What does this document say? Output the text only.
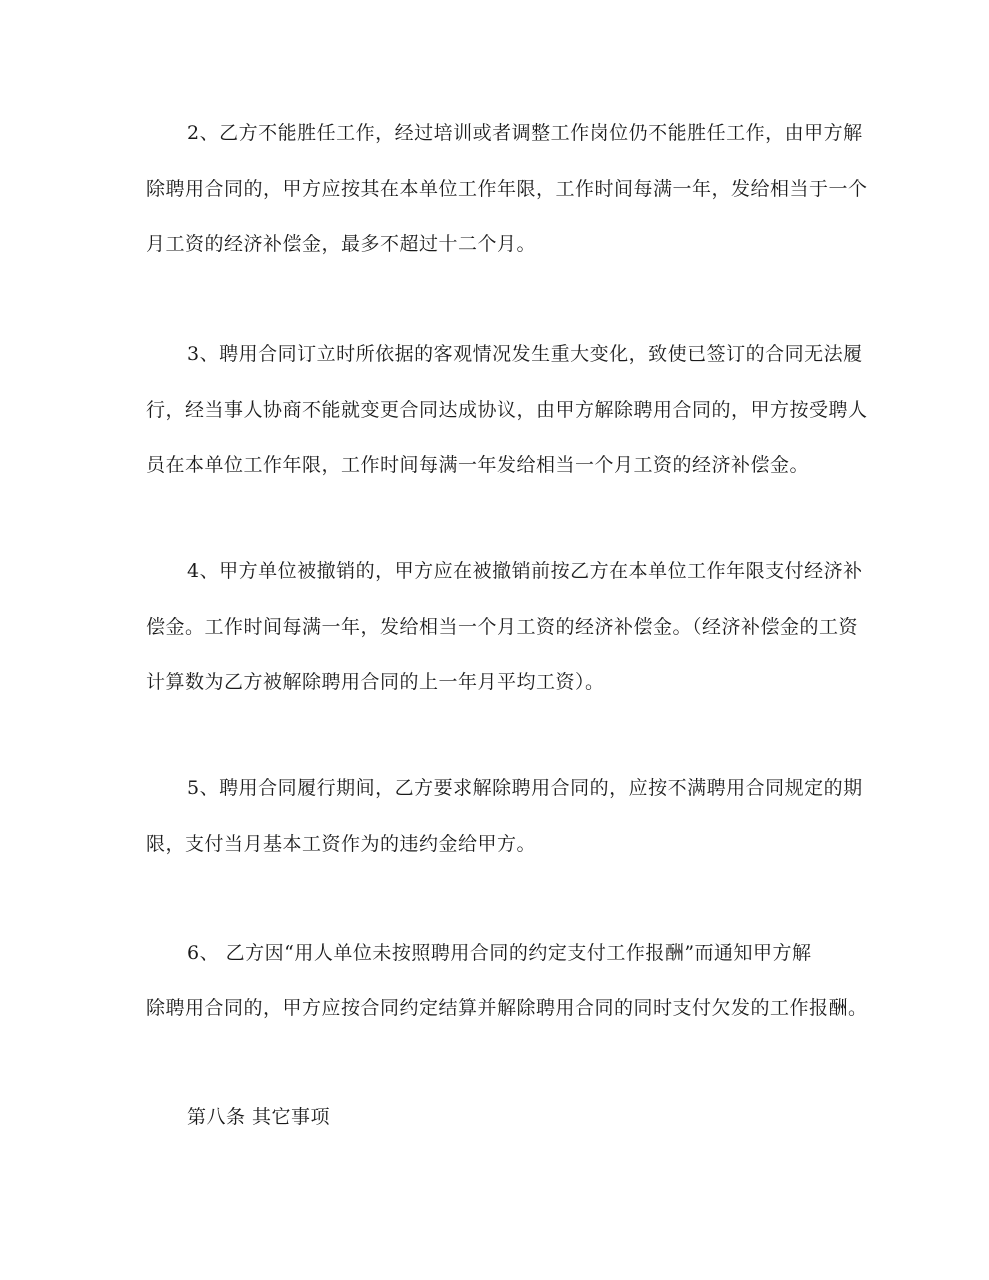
2、乙方不能胜任工作，经过培训或者调整工作岗位仍不能胜任工作，由甲方解
除聘用合同的，甲方应按其在本单位工作年限，工作时间每满一年，发给相当于一个
月工资的经济补偿金，最多不超过十二个月。
3、聘用合同订立时所依据的客观情况发生重大变化，致使已签订的合同无法履
行，经当事人协商不能就变更合同达成协议，由甲方解除聘用合同的，甲方按受聘人
员在本单位工作年限，工作时间每满一年发给相当一个月工资的经济补偿金。
4、甲方单位被撤销的，甲方应在被撤销前按乙方在本单位工作年限支付经济补
偿金。工作时间每满一年，发给相当一个月工资的经济补偿金。（经济补偿金的工资
计算数为乙方被解除聘用合同的上一年月平均工资）。
5、聘用合同履行期间，乙方要求解除聘用合同的，应按不满聘用合同规定的期
限，支付当月基本工资作为的违约金给甲方。
6、 乙方因“用人单位未按照聘用合同的约定支付工作报酬”而通知甲方解
除聘用合同的，甲方应按合同约定结算并解除聘用合同的同时支付欠发的工作报酬。
第八条 其它事项
